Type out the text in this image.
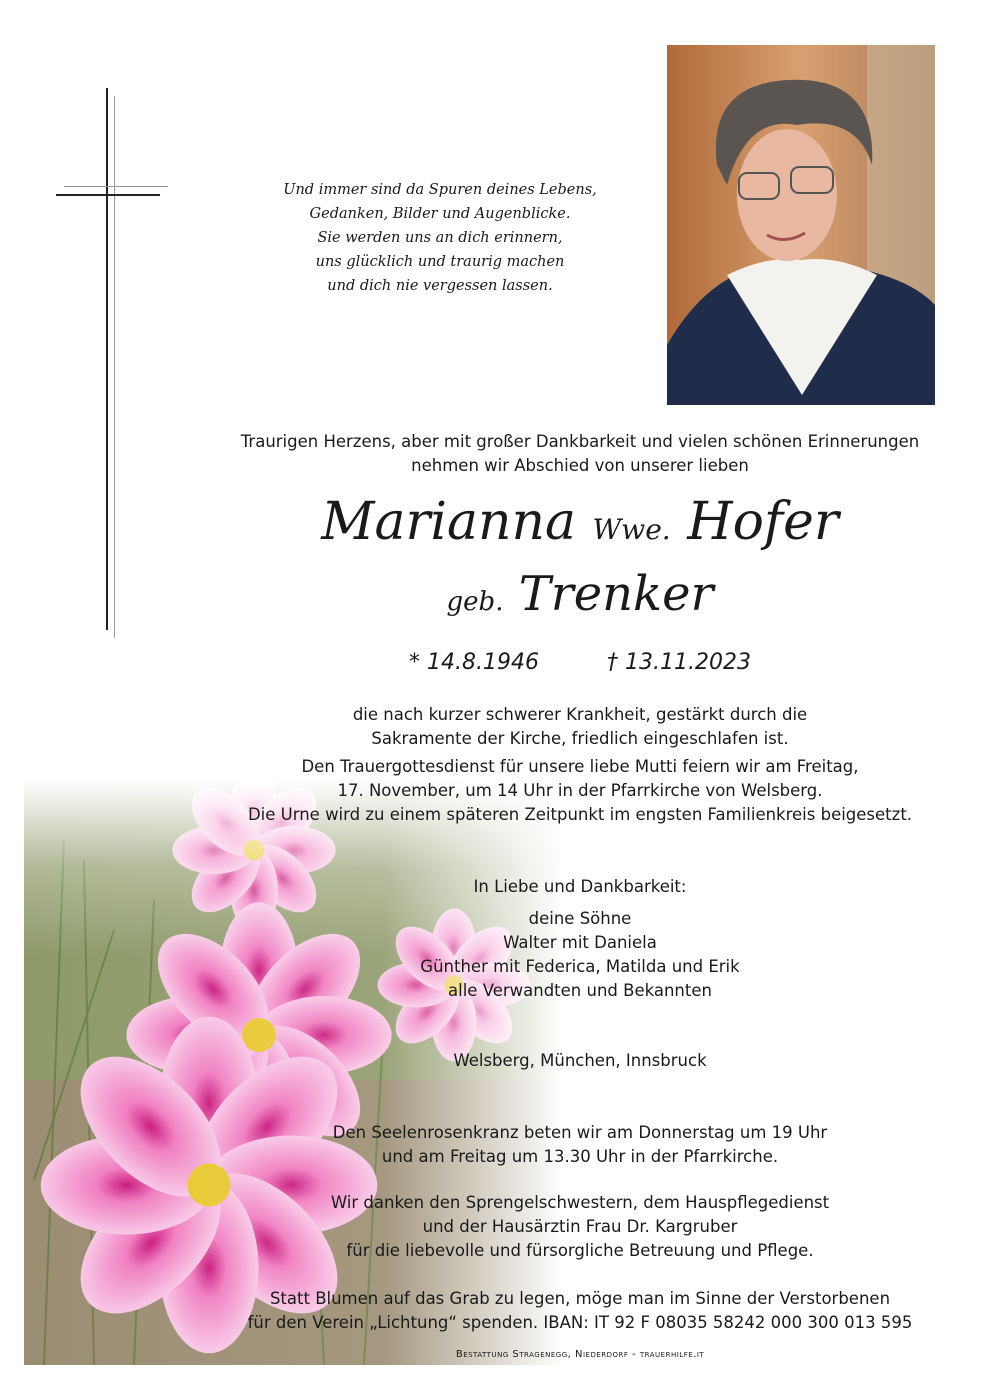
Und immer sind da Spuren deines Lebens,
Gedanken, Bilder und Augenblicke.
Sie werden uns an dich erinnern,
uns glücklich und traurig machen
und dich nie vergessen lassen.
Traurigen Herzens, aber mit großer Dankbarkeit und vielen schönen Erinnerungen
nehmen wir Abschied von unserer lieben
Marianna Wwe. Hofer
geb. Trenker
* 14.8.1946	† 13.11.2023
die nach kurzer schwerer Krankheit, gestärkt durch die
Sakramente der Kirche, friedlich eingeschlafen ist.
Den Trauergottesdienst für unsere liebe Mutti feiern wir am Freitag,
17. November, um 14 Uhr in der Pfarrkirche von Welsberg.
Die Urne wird zu einem späteren Zeitpunkt im engsten Familienkreis beigesetzt.
In Liebe und Dankbarkeit:
deine Söhne
Walter mit Daniela
Günther mit Federica, Matilda und Erik
alle Verwandten und Bekannten
Welsberg, München, Innsbruck
Den Seelenrosenkranz beten wir am Donnerstag um 19 Uhr
und am Freitag um 13.30 Uhr in der Pfarrkirche.
Wir danken den Sprengelschwestern, dem Hauspflegedienst
und der Hausärztin Frau Dr. Kargruber
für die liebevolle und fürsorgliche Betreuung und Pflege.
Statt Blumen auf das Grab zu legen, möge man im Sinne der Verstorbenen
für den Verein „Lichtung“ spenden. IBAN: IT 92 F 08035 58242 000 300 013 595
Bestattung Stragenegg, Niederdorf - trauerhilfe.it
